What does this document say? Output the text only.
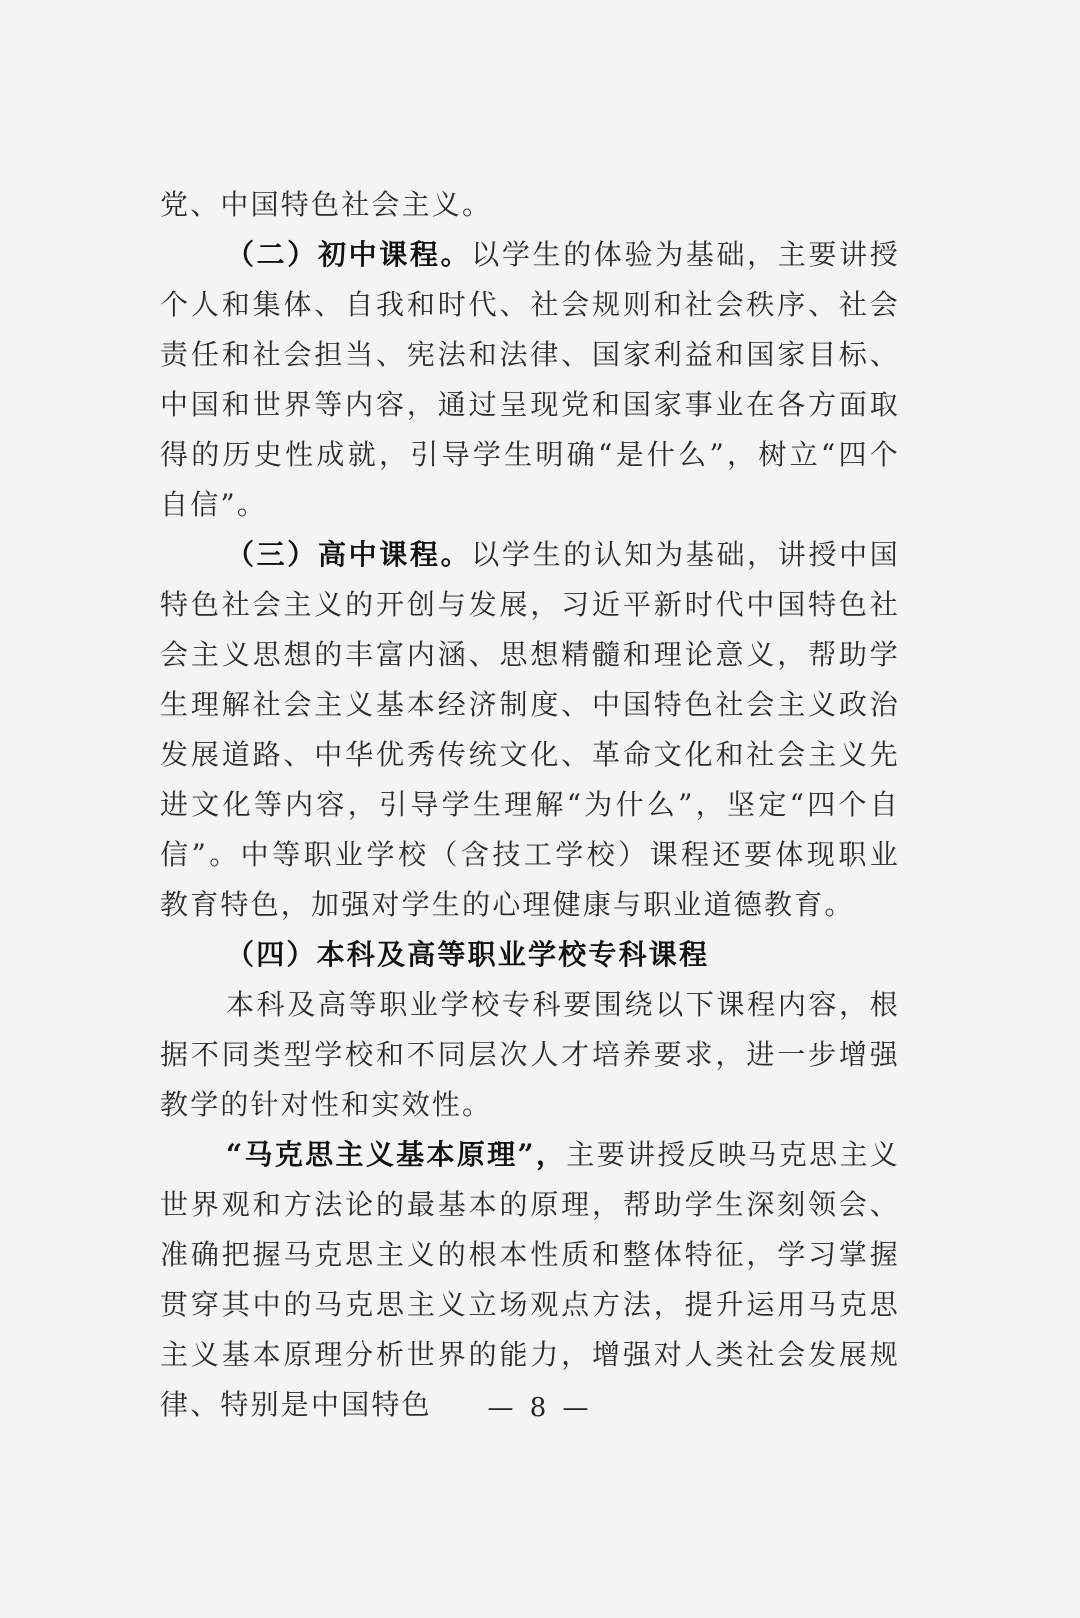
党、中国特色社会主义。

（二）初中课程。以学生的体验为基础，主要讲授个人和集体、自我和时代、社会规则和社会秩序、社会责任和社会担当、宪法和法律、国家利益和国家目标、中国和世界等内容，通过呈现党和国家事业在各方面取得的历史性成就，引导学生明确“是什么”，树立“四个自信”。

（三）高中课程。以学生的认知为基础，讲授中国特色社会主义的开创与发展，习近平新时代中国特色社会主义思想的丰富内涵、思想精髓和理论意义，帮助学生理解社会主义基本经济制度、中国特色社会主义政治发展道路、中华优秀传统文化、革命文化和社会主义先进文化等内容，引导学生理解“为什么”，坚定“四个自信”。中等职业学校（含技工学校）课程还要体现职业教育特色，加强对学生的心理健康与职业道德教育。

（四）本科及高等职业学校专科课程

本科及高等职业学校专科要围绕以下课程内容，根据不同类型学校和不同层次人才培养要求，进一步增强教学的针对性和实效性。

“马克思主义基本原理”，主要讲授反映马克思主义世界观和方法论的最基本的原理，帮助学生深刻领会、准确把握马克思主义的根本性质和整体特征，学习掌握贯穿其中的马克思主义立场观点方法，提升运用马克思主义基本原理分析世界的能力，增强对人类社会发展规律、特别是中国特色	— 8 —
